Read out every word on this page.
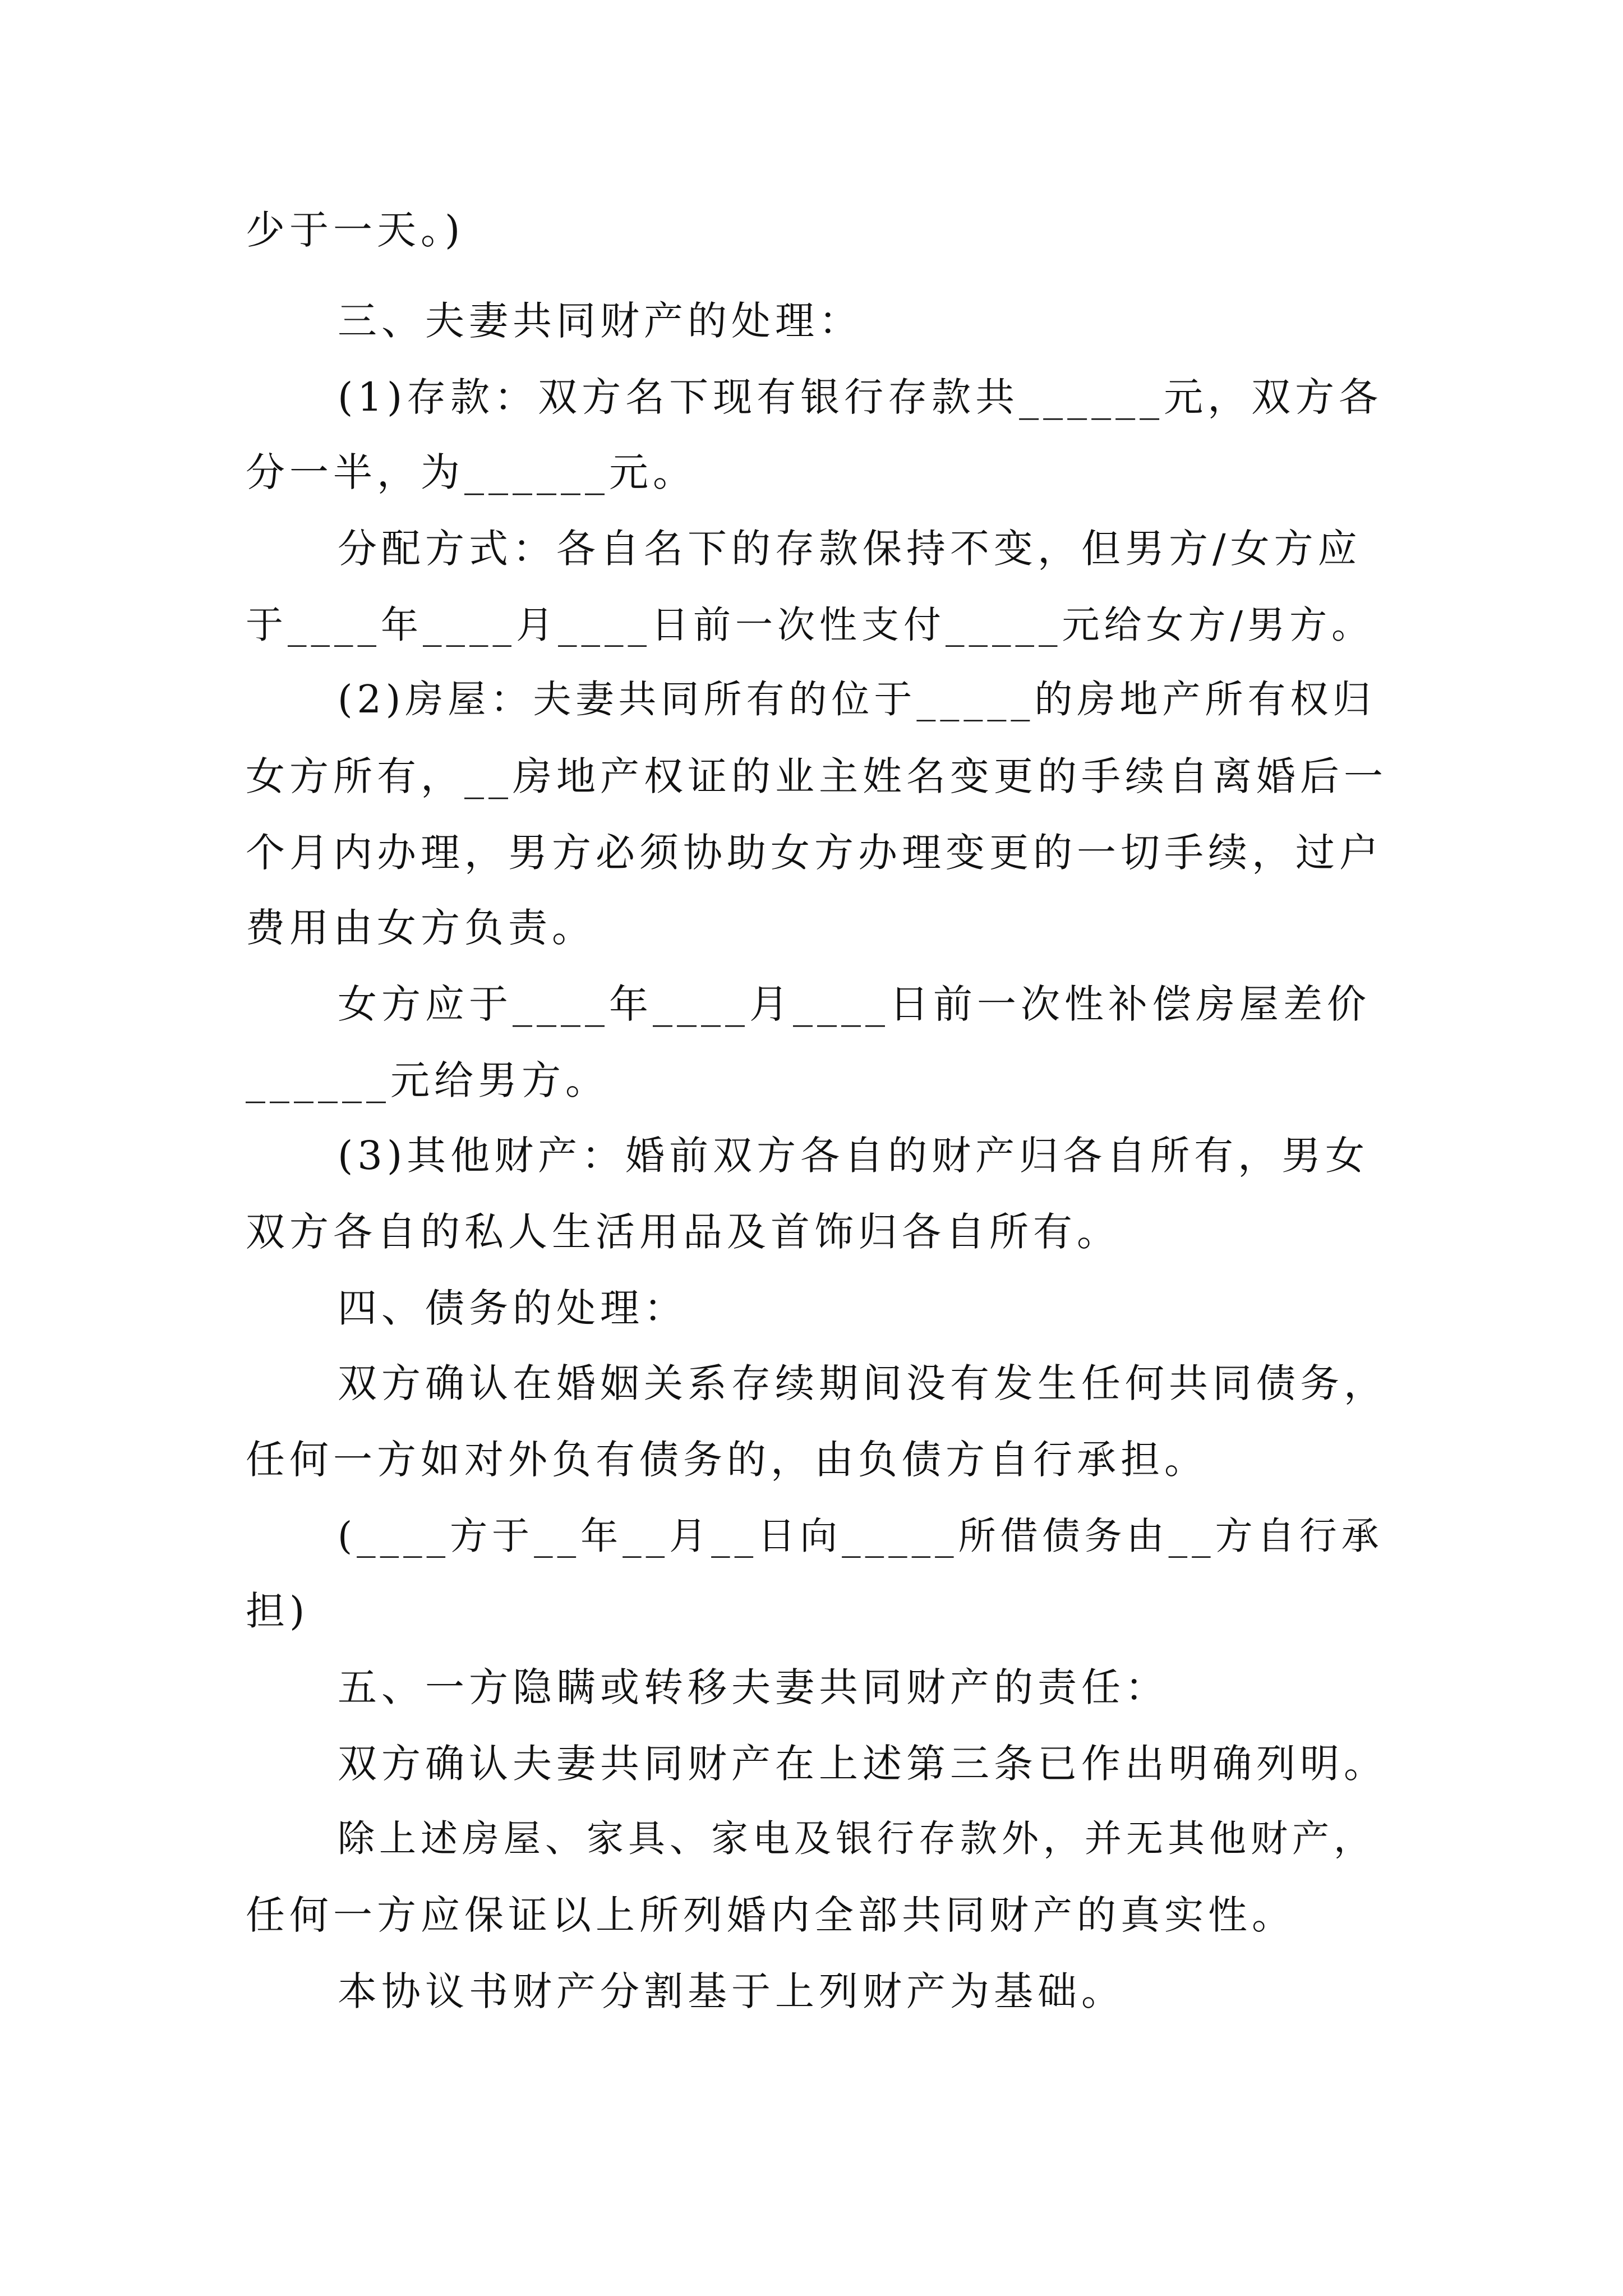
少于一天。)
三、夫妻共同财产的处理：
(1)存款：双方名下现有银行存款共______元，双方各
分一半，为______元。
分配方式：各自名下的存款保持不变，但男方/女方应
于____年____月____日前一次性支付_____元给女方/男方。
(2)房屋：夫妻共同所有的位于_____的房地产所有权归
女方所有，__房地产权证的业主姓名变更的手续自离婚后一
个月内办理，男方必须协助女方办理变更的一切手续，过户
费用由女方负责。
女方应于____年____月____日前一次性补偿房屋差价
______元给男方。
(3)其他财产：婚前双方各自的财产归各自所有，男女
双方各自的私人生活用品及首饰归各自所有。
四、债务的处理：
双方确认在婚姻关系存续期间没有发生任何共同债务，
任何一方如对外负有债务的，由负债方自行承担。
(____方于__年__月__日向_____所借债务由__方自行承
担)
五、一方隐瞒或转移夫妻共同财产的责任：
双方确认夫妻共同财产在上述第三条已作出明确列明。
除上述房屋、家具、家电及银行存款外，并无其他财产，
任何一方应保证以上所列婚内全部共同财产的真实性。
本协议书财产分割基于上列财产为基础。
